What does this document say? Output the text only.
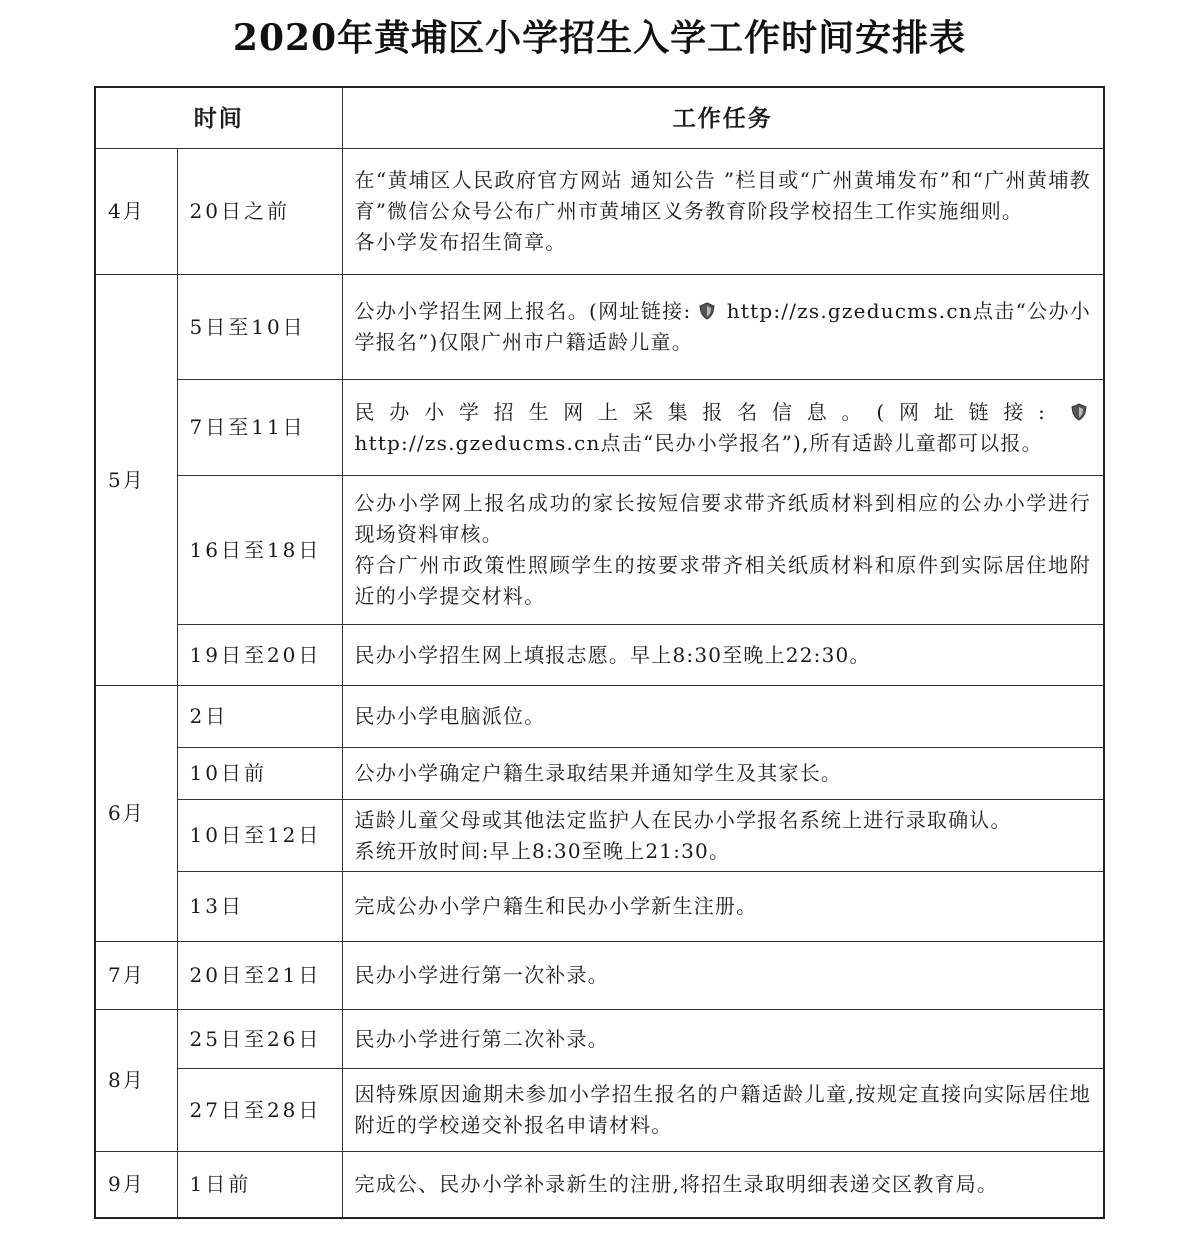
2020年黄埔区小学招生入学工作时间安排表
时间		工作任务
4月	20日之前	在“黄埔区人民政府官方网站 通知公告 ”栏目或“广州黄埔发布”和“广州黄埔教育”微信公众号公布广州市黄埔区义务教育阶段学校招生工作实施细则。
各小学发布招生简章。

5月	5日至10日	公办小学招生网上报名。(网址链接: http://zs.gzeducms.cn点击“公办小学报名”)仅限广州市户籍适龄儿童。
	7日至11日	民办小学招生网上采集报名信息。(网址链接:  http://zs.gzeducms.cn点击“民办小学报名”),所有适龄儿童都可以报。
	16日至18日	公办小学网上报名成功的家长按短信要求带齐纸质材料到相应的公办小学进行现场资料审核。
符合广州市政策性照顾学生的按要求带齐相关纸质材料和原件到实际居住地附近的小学提交材料。

	19日至20日	民办小学招生网上填报志愿。早上8:30至晚上22:30。

6月	2日	民办小学电脑派位。

	10日前	公办小学确定户籍生录取结果并通知学生及其家长。

	10日至12日	适龄儿童父母或其他法定监护人在民办小学报名系统上进行录取确认。
系统开放时间:早上8:30至晚上21:30。

	13日	完成公办小学户籍生和民办小学新生注册。

7月	20日至21日	民办小学进行第一次补录。

8月	25日至26日	民办小学进行第二次补录。

	27日至28日	因特殊原因逾期未参加小学招生报名的户籍适龄儿童,按规定直接向实际居住地附近的学校递交补报名申请材料。

9月	1日前	完成公、民办小学补录新生的注册,将招生录取明细表递交区教育局。
